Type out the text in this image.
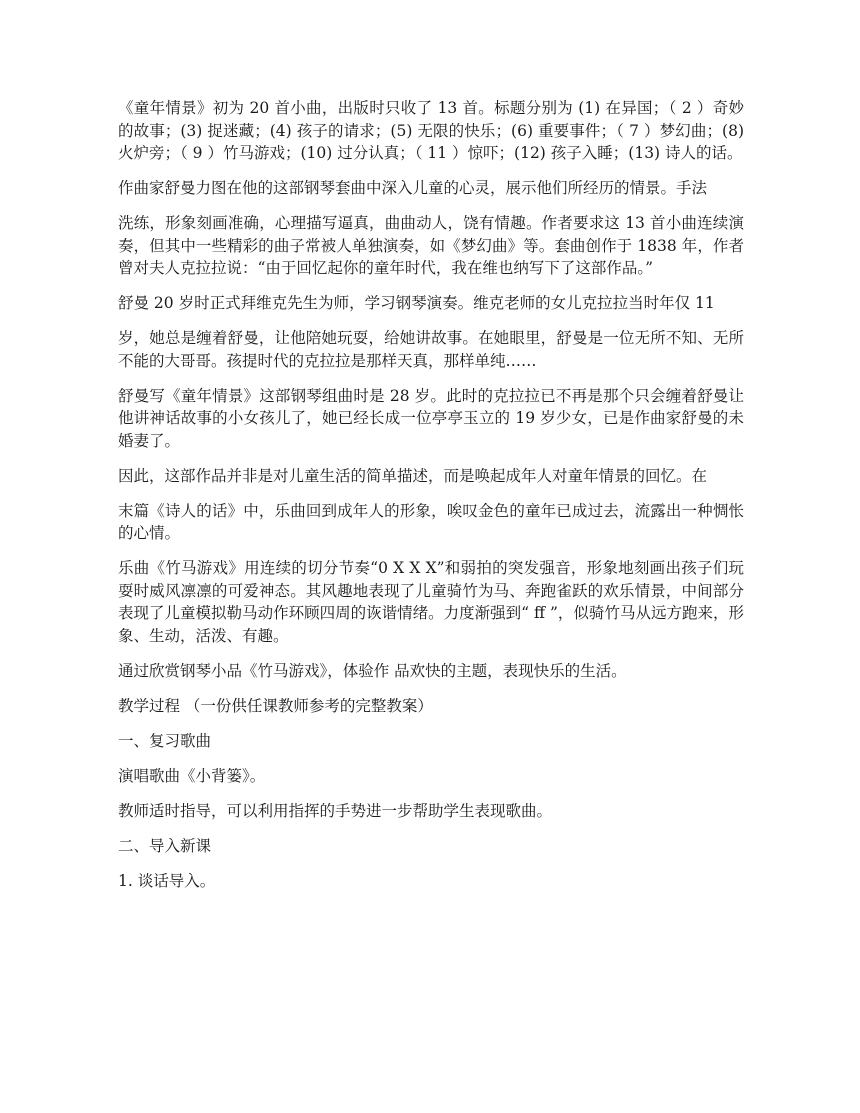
《童年情景》初为 20 首小曲，出版时只收了 13 首。标题分别为 (1) 在异国；（ 2 ）奇妙的故事；(3) 捉迷藏；(4) 孩子的请求；(5) 无限的快乐；(6) 重要事件；（ 7 ）梦幻曲；(8) 火炉旁；（ 9 ）竹马游戏；(10) 过分认真；（ 11 ）惊吓；(12) 孩子入睡；(13) 诗人的话。

作曲家舒曼力图在他的这部钢琴套曲中深入儿童的心灵，展示他们所经历的情景。手法

洗练，形象刻画准确，心理描写逼真，曲曲动人，饶有情趣。作者要求这 13 首小曲连续演 奏，但其中一些精彩的曲子常被人单独演奏，如《梦幻曲》等。套曲创作于 1838 年，作者曾对夫人克拉拉说：“由于回忆起你的童年时代，我在维也纳写下了这部作品。”

舒曼 20 岁时正式拜维克先生为师，学习钢琴演奏。维克老师的女儿克拉拉当时年仅 11

岁，她总是缠着舒曼，让他陪她玩耍，给她讲故事。在她眼里，舒曼是一位无所不知、无所不能的大哥哥。孩提时代的克拉拉是那样天真，那样单纯……

舒曼写《童年情景》这部钢琴组曲时是 28 岁。此时的克拉拉已不再是那个只会缠着舒曼让他讲神话故事的小女孩儿了，她已经长成一位亭亭玉立的 19 岁少女，已是作曲家舒曼的未婚妻了。

因此，这部作品并非是对儿童生活的简单描述，而是唤起成年人对童年情景的回忆。在

末篇《诗人的话》中，乐曲回到成年人的形象，唉叹金色的童年已成过去，流露出一种惆怅的心情。

乐曲《竹马游戏》用连续的切分节奏“0 X X X”和弱拍的突发强音，形象地刻画出孩子们玩耍时威风凛凛的可爱神态。其风趣地表现了儿童骑竹为马、奔跑雀跃的欢乐情景，中间部分表现了儿童模拟勒马动作环顾四周的诙谐情绪。力度渐强到“ ff ”，似骑竹马从远方跑来，形象、生动，活泼、有趣。

通过欣赏钢琴小品《竹马游戏》，体验作 品欢快的主题，表现快乐的生活。

教学过程 （一份供任课教师参考的完整教案）

一、复习歌曲

演唱歌曲《小背篓》。

教师适时指导，可以利用指挥的手势进一步帮助学生表现歌曲。

二、导入新课

1. 谈话导入。
